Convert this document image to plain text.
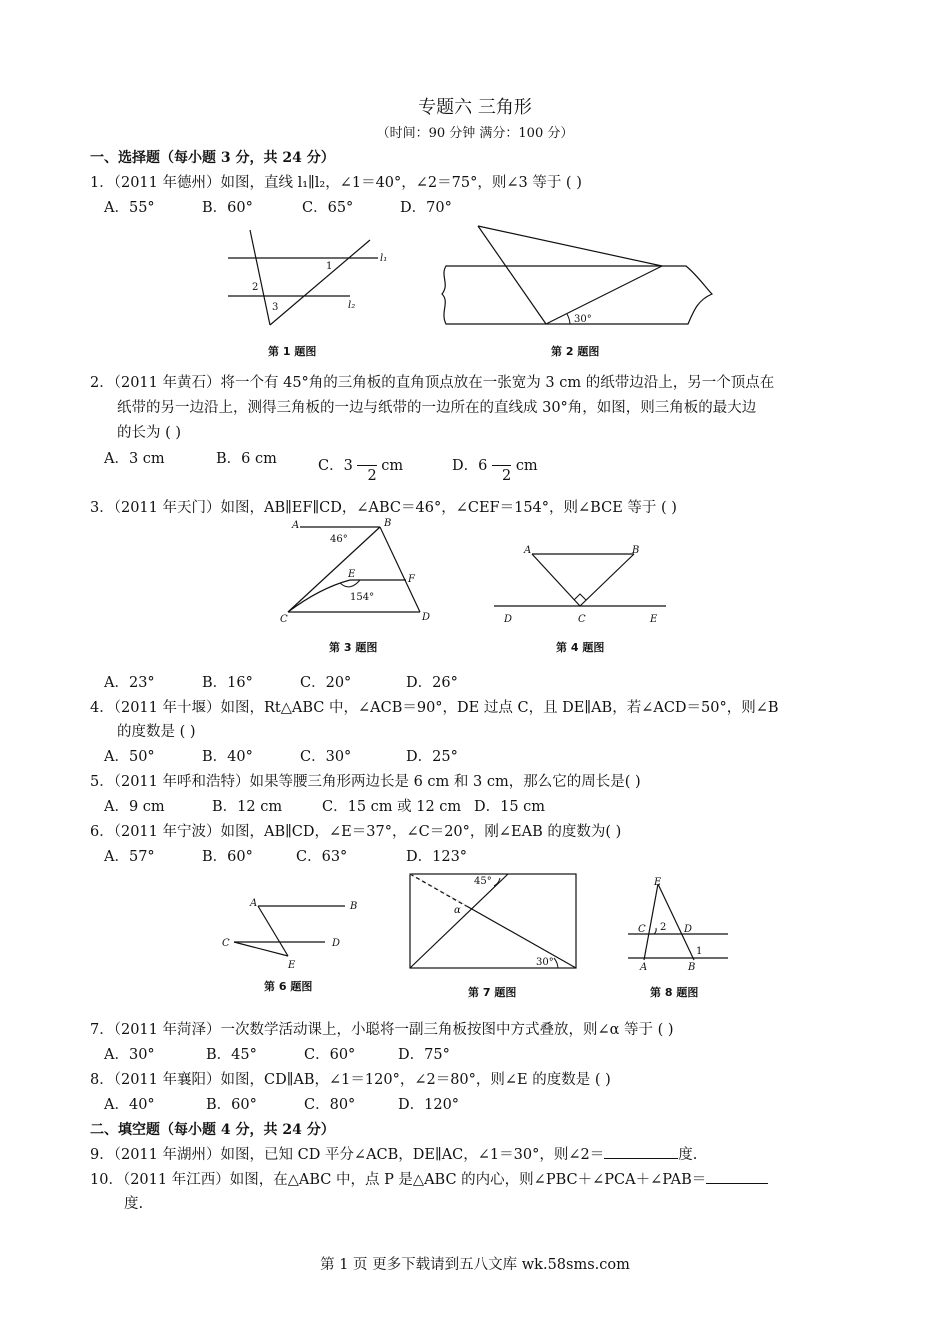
专题六 三角形
（时间：90 分钟 满分：100 分）
一、选择题（每小题 3 分，共 24 分）
1．（2011 年德州）如图，直线 l₁∥l₂，∠1＝40°，∠2＝75°，则∠3 等于 ( )
A．55°	B．60°	C．65°	D．70°
1
2
3
l₁
l₂
第 1 题图
30°
第 2 题图
2．（2011 年黄石）将一个有 45°角的三角板的直角顶点放在一张宽为 3 cm 的纸带边沿上，另一个顶点在
纸带的另一边沿上，测得三角板的一边与纸带的一边所在的直线成 30°角，如图，则三角板的最大边
的长为 ( )
A．3 cm	B．6 cm	C．3 2 cm	D．6 2 cm
3．（2011 年天门）如图，AB∥EF∥CD，∠ABC＝46°，∠CEF＝154°，则∠BCE 等于 ( )
A	B
C	D
E	F
46°
154°
第 3 题图
A	B
C
D	E
第 4 题图
A．23°	B．16°	C．20°	D．26°
4．（2011 年十堰）如图，Rt△ABC 中，∠ACB＝90°，DE 过点 C，且 DE∥AB，若∠ACD＝50°，则∠B
的度数是 ( )
A．50°	B．40°	C．30°	D．25°
5．（2011 年呼和浩特）如果等腰三角形两边长是 6 cm 和 3 cm，那么它的周长是( )
A．9 cm	B．12 cm	C．15 cm 或 12 cm D．15 cm
6．（2011 年宁波）如图，AB∥CD，∠E＝37°，∠C＝20°，刚∠EAB 的度数为( )
A．57°	B．60°	C．63°	D．123°
A	B
C	D
E
第 6 题图
45°
α
30°
第 7 题图
E
C 2 D
1
A	B
第 8 题图
7．（2011 年菏泽）一次数学活动课上，小聪将一副三角板按图中方式叠放，则∠α 等于 ( )
A．30°	B．45°	C．60°	D．75°
8．（2011 年襄阳）如图，CD∥AB，∠1＝120°，∠2＝80°，则∠E 的度数是 ( )
A．40°	B．60°	C．80°	D．120°
二、填空题（每小题 4 分，共 24 分）
9．（2011 年湖州）如图，已知 CD 平分∠ACB，DE∥AC，∠1＝30°，则∠2＝	度.
10．（2011 年江西）如图，在△ABC 中，点 P 是△ABC 的内心，则∠PBC＋∠PCA＋∠PAB＝
度.
第 1 页 更多下载请到五八文库 wk.58sms.com
